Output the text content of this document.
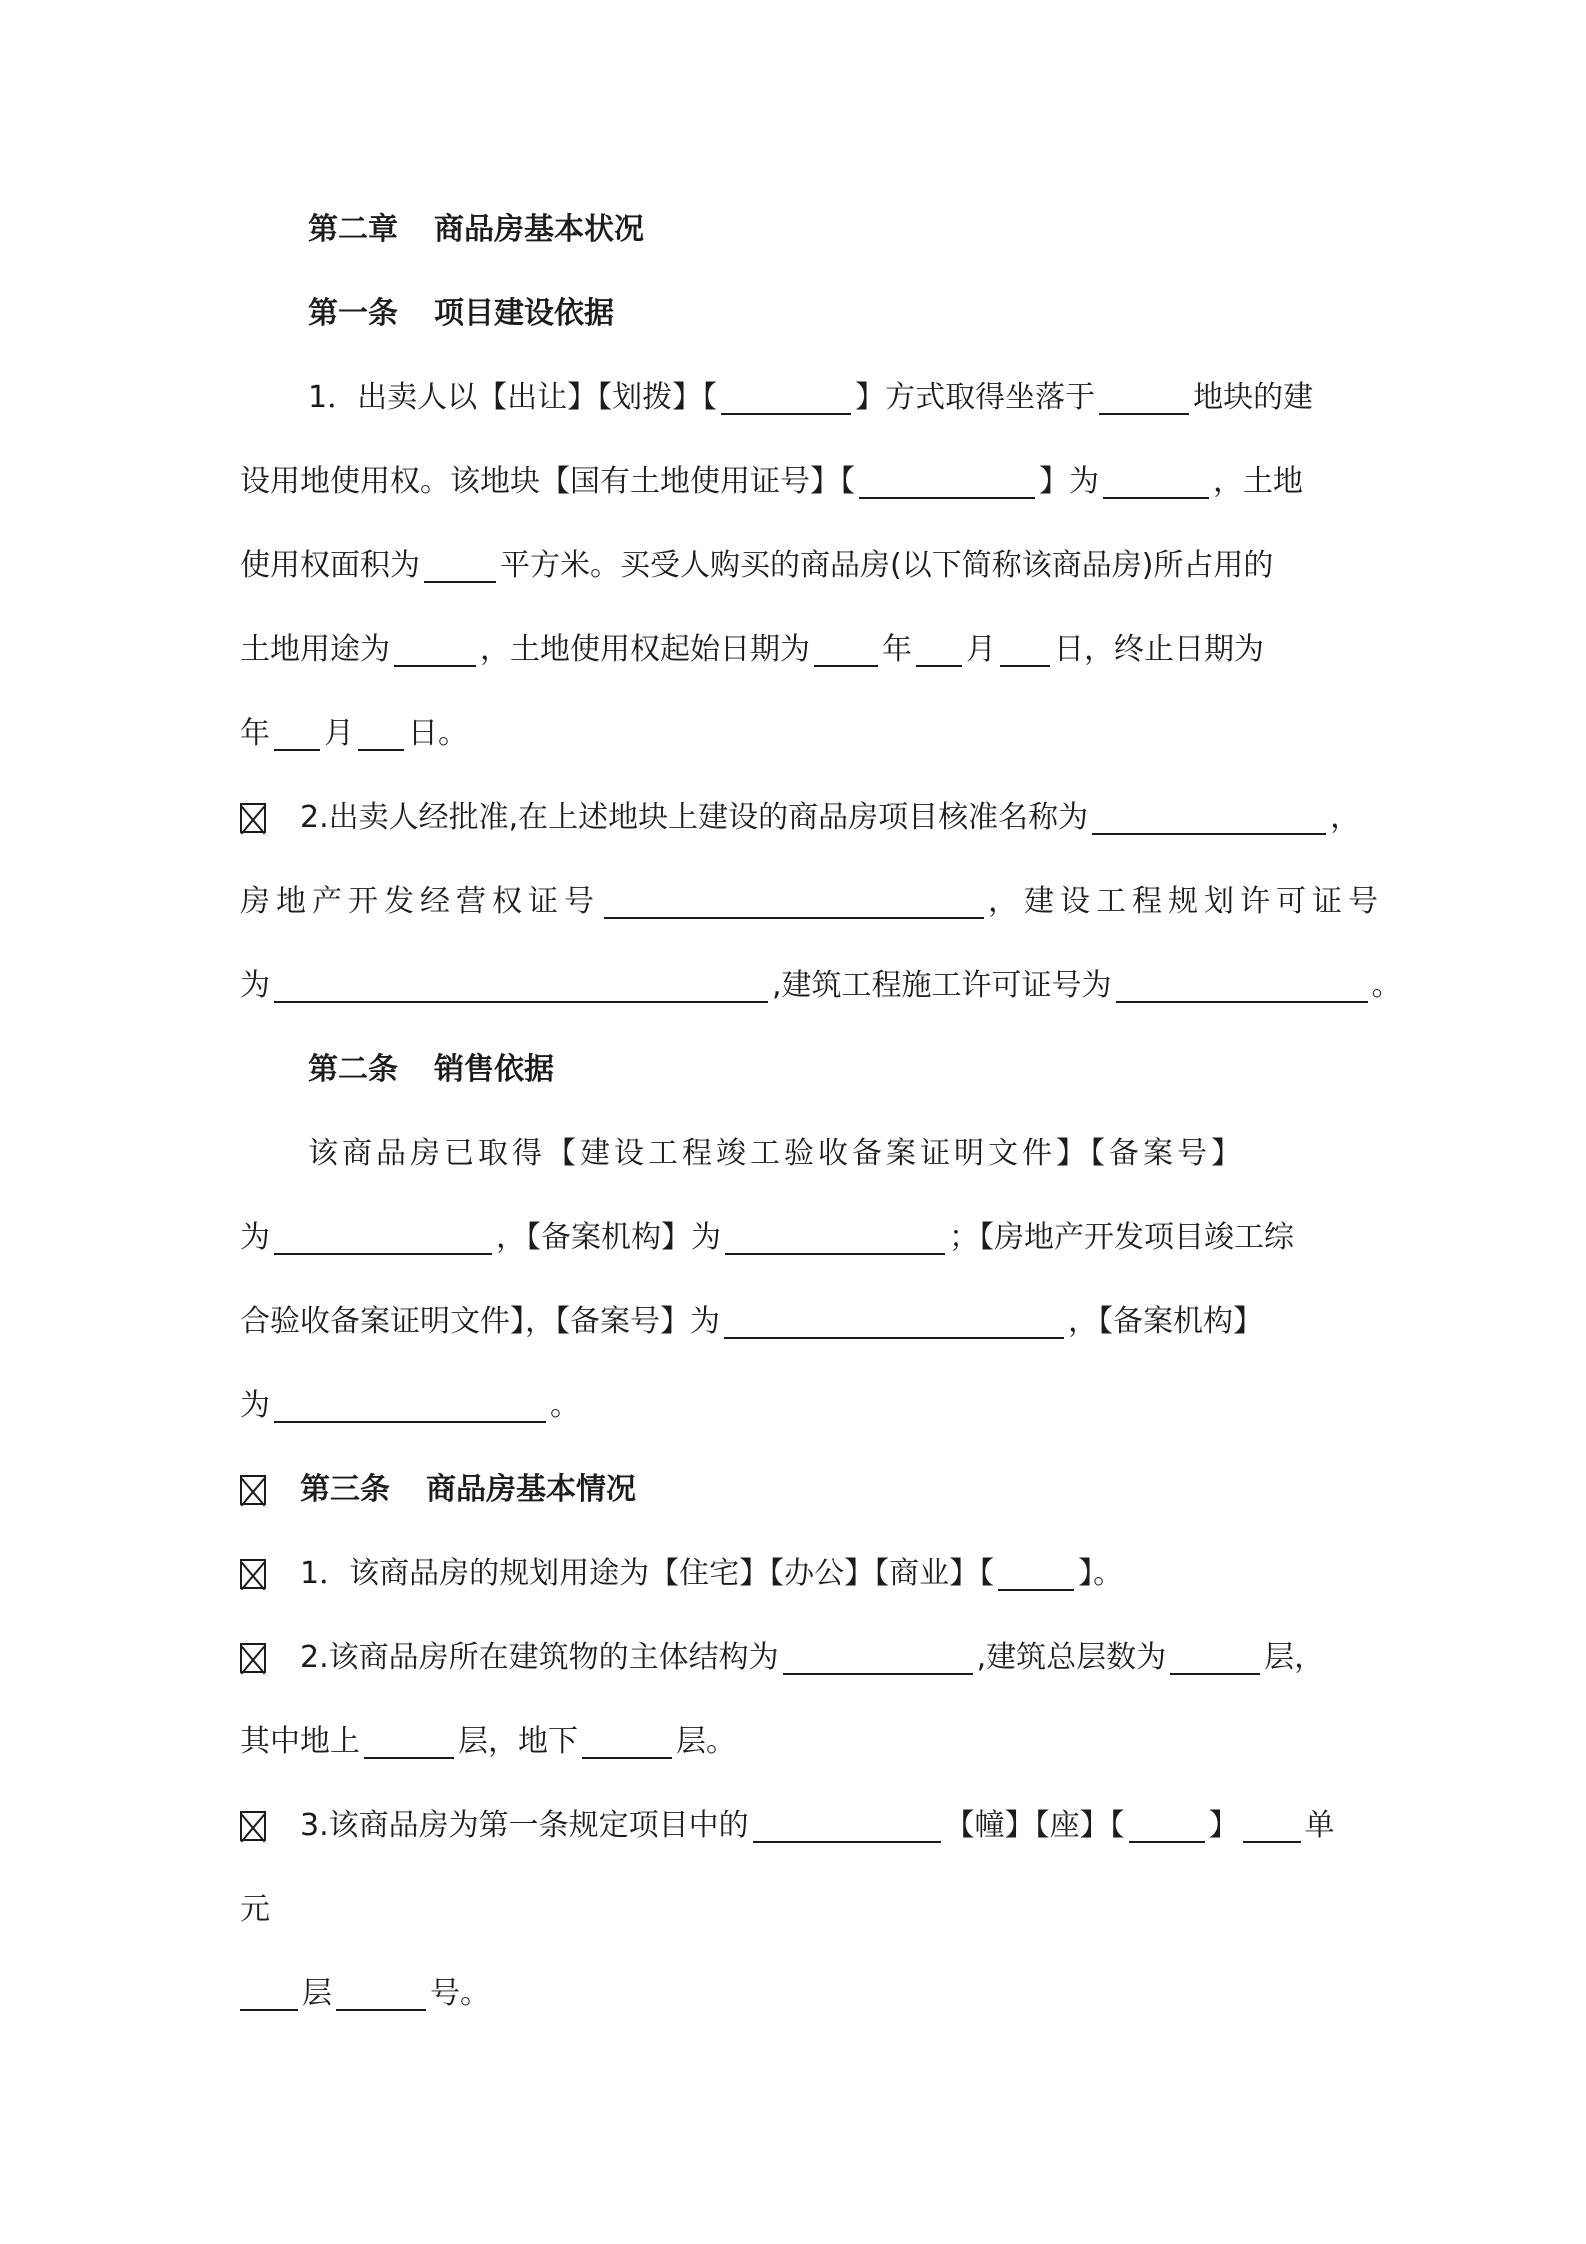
第二章 商品房基本状况
第一条 项目建设依据
1．出卖人以【出让】【划拨】【	】方式取得坐落于	地块的建
设用地使用权。该地块【国有土地使用证号】【	】为	，土地
使用权面积为	平方米。买受人购买的商品房(以下简称该商品房)所占用的
土地用途为	，土地使用权起始日期为 年 月 日，终止日期为
年 月 日。
2.出卖人经批准,在上述地块上建设的商品房项目核准名称为	，
房地产开发经营权证号	，建设工程规划许可证号
为	,建筑工程施工许可证号为	。
第二条 销售依据
该商品房已取得【建设工程竣工验收备案证明文件】【备案号】
为	，【备案机构】为	；【房地产开发项目竣工综
合验收备案证明文件】，【备案号】为	，【备案机构】
为	。
第三条 商品房基本情况
1．该商品房的规划用途为【住宅】【办公】【商业】【	】。
2.该商品房所在建筑物的主体结构为	,建筑总层数为	层，
其中地上	层，地下	层。
3.该商品房为第一条规定项目中的	【幢】【座】【	】 单
元
层	号。
